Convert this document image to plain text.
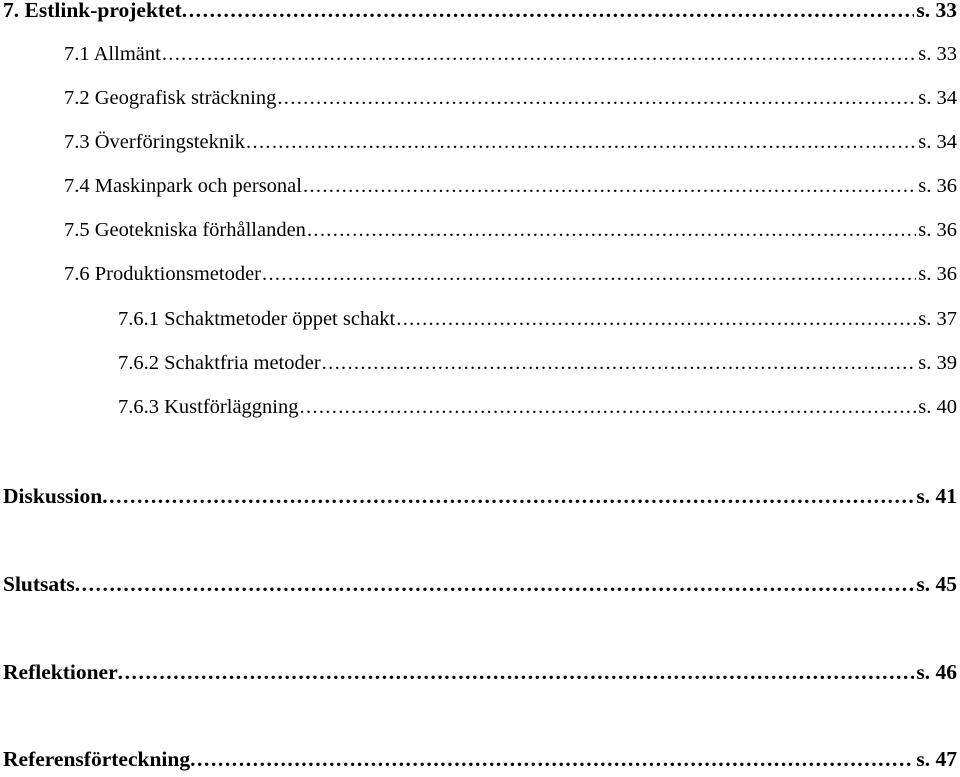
7. Estlink-projektet . . .	s. 33
7.1 Allmänt . . .	s. 33
7.2 Geografisk sträckning . . .	s. 34
7.3 Överföringsteknik . . .	s. 34
7.4 Maskinpark och personal . . .	s. 36
7.5 Geotekniska förhållanden . . .	s. 36
7.6 Produktionsmetoder . . .	s. 36
7.6.1 Schaktmetoder öppet schakt . . .	s. 37
7.6.2 Schaktfria metoder . . .	s. 39
7.6.3 Kustförläggning . . .	s. 40
Diskussion . . .	s. 41
Slutsats . . .	s. 45
Reflektioner . . .	s. 46
Referensförteckning . . .	s. 47
